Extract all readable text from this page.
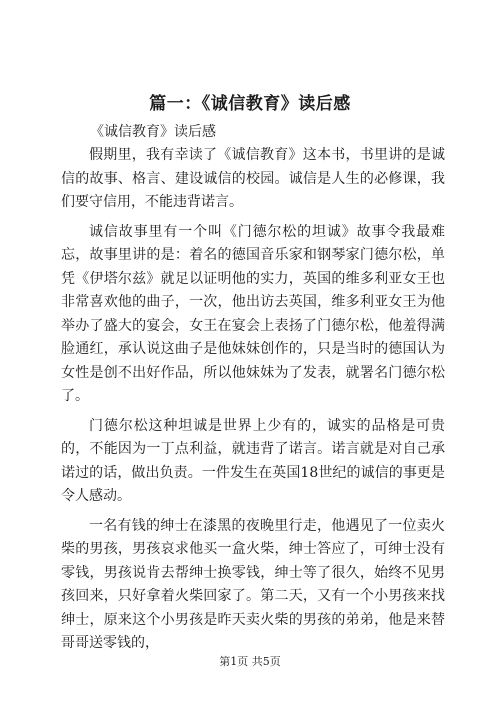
篇一：《诚信教育》读后感
《诚信教育》读后感

假期里，我有幸读了《诚信教育》这本书，书里讲的是诚信的故事、格言、建设诚信的校园。诚信是人生的必修课，我们要守信用，不能违背诺言。

诚信故事里有一个叫《门德尔松的坦诚》故事令我最难忘，故事里讲的是：着名的德国音乐家和钢琴家门德尔松，单凭《伊塔尔兹》就足以证明他的实力，英国的维多利亚女王也非常喜欢他的曲子，一次，他出访去英国，维多利亚女王为他举办了盛大的宴会，女王在宴会上表扬了门德尔松，他羞得满脸通红，承认说这曲子是他妹妹创作的，只是当时的德国认为女性是创不出好作品，所以他妹妹为了发表，就署名门德尔松了。

门德尔松这种坦诚是世界上少有的，诚实的品格是可贵的，不能因为一丁点利益，就违背了诺言。诺言就是对自己承诺过的话，做出负责。一件发生在英国18世纪的诚信的事更是令人感动。

一名有钱的绅士在漆黑的夜晚里行走，他遇见了一位卖火柴的男孩，男孩哀求他买一盒火柴，绅士答应了，可绅士没有零钱，男孩说肯去帮绅士换零钱，绅士等了很久，始终不见男孩回来，只好拿着火柴回家了。第二天，又有一个小男孩来找绅士，原来这个小男孩是昨天卖火柴的男孩的弟弟，他是来替哥哥送零钱的，

第1页 共5页
